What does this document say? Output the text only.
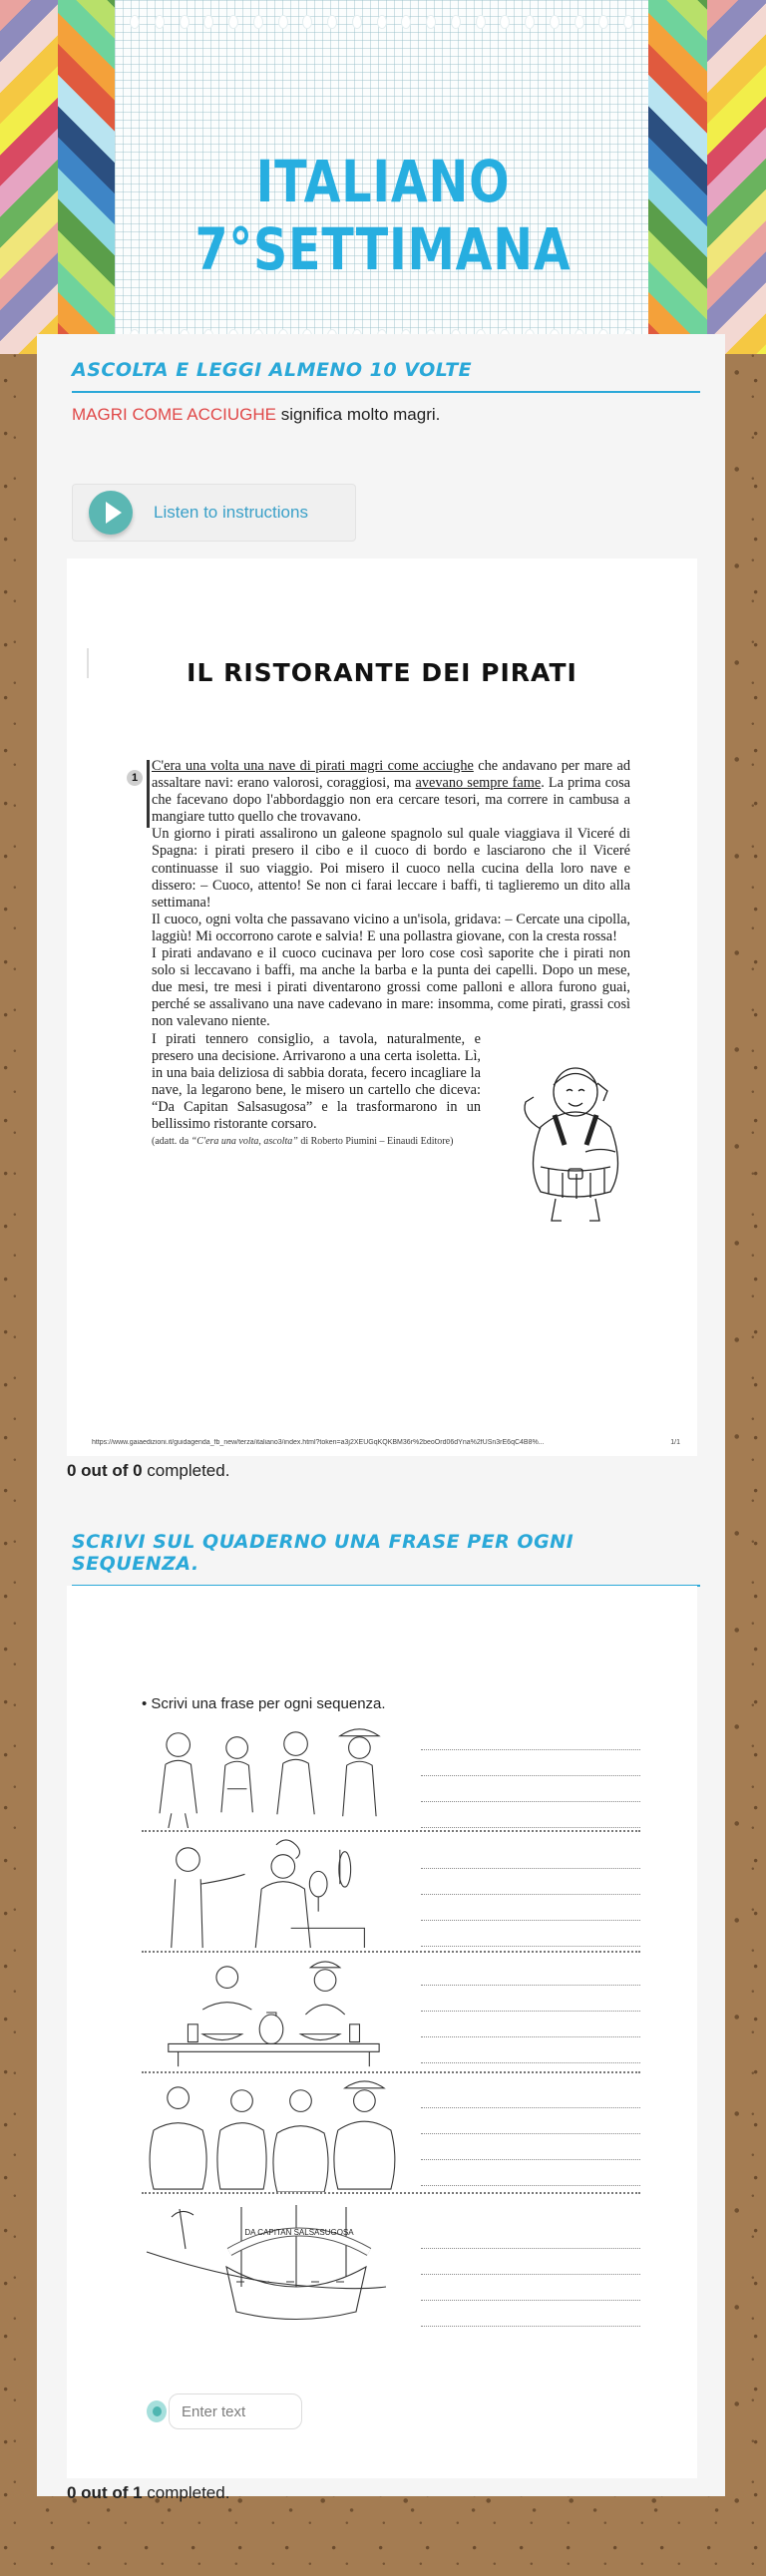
ITALIANO 7°SETTIMANA
ASCOLTA E LEGGI ALMENO 10 VOLTE
MAGRI COME ACCIUGHE significa molto magri.
Listen to instructions
IL RISTORANTE DEI PIRATI
1

C'era una volta una nave di pirati magri come acciughe che andavano per mare ad assaltare navi: erano valorosi, coraggiosi, ma avevano sempre fame. La prima cosa che facevano dopo l'abbordaggio non era cercare tesori, ma correre in cambusa a mangiare tutto quello che trovavano.

Un giorno i pirati assalirono un galeone spagnolo sul quale viaggiava il Viceré di Spagna: i pirati presero il cibo e il cuoco di bordo e lasciarono che il Viceré continuasse il suo viaggio. Poi misero il cuoco nella cucina della loro nave e dissero: – Cuoco, attento! Se non ci farai leccare i baffi, ti taglieremo un dito alla settimana!

Il cuoco, ogni volta che passavano vicino a un'isola, gridava: – Cercate una cipolla, laggiù! Mi occorrono carote e salvia! E una pollastra giovane, con la cresta rossa!

I pirati andavano e il cuoco cucinava per loro cose così saporite che i pirati non solo si leccavano i baffi, ma anche la barba e la punta dei capelli. Dopo un mese, due mesi, tre mesi i pirati diventarono grossi come palloni e allora furono guai, perché se assalivano una nave cadevano in mare: insomma, come pirati, grassi così non valevano niente.

I pirati tennero consiglio, a tavola, naturalmente, e presero una decisione. Arrivarono a una certa isoletta. Lì, in una baia deliziosa di sabbia dorata, fecero incagliare la nave, la legarono bene, le misero un cartello che diceva: “Da Capitan Salsasugosa” e la trasformarono in un bellissimo ristorante corsaro.

(adatt. da “C'era una volta, ascolta” di Roberto Piumini – Einaudi Editore)

https://www.gaiaedizioni.it/guidagenda_fb_new/terza/italiano3/index.html?token=a3j2XEUGqKQKBM36r%2beoOrd06dYna%2fUSn3rE6qC4B8%...	1/1
0 out of 0 completed.
SCRIVI SUL QUADERNO UNA FRASE PER OGNI SEQUENZA.
• Scrivi una frase per ogni sequenza.
DA CAPITAN SALSASUGOSA
Enter text
0 out of 1 completed.
